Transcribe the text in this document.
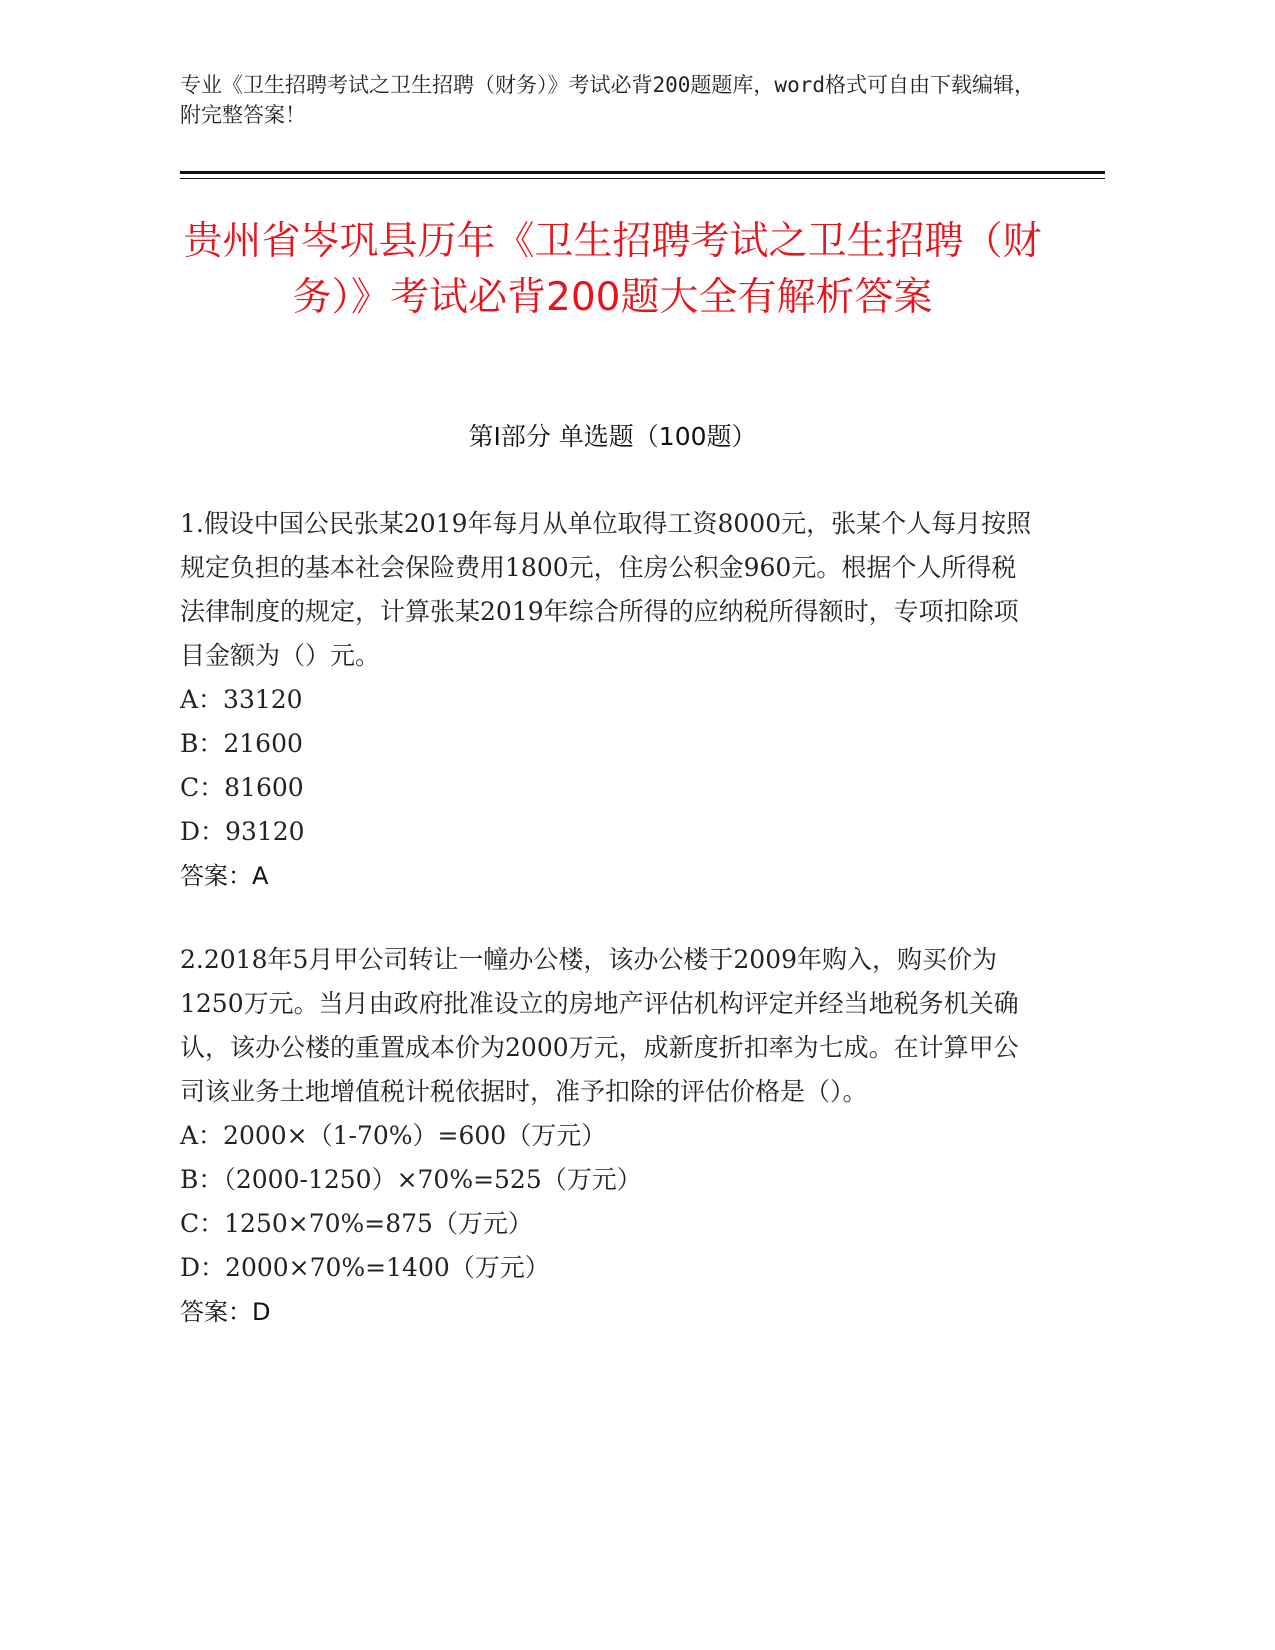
专业《卫生招聘考试之卫生招聘（财务）》考试必背200题题库，word格式可自由下载编辑，附完整答案！
贵州省岑巩县历年《卫生招聘考试之卫生招聘（财务）》考试必背200题大全有解析答案
第Ⅰ部分 单选题（100题）

1.假设中国公民张某2019年每月从单位取得工资8000元，张某个人每月按照规定负担的基本社会保险费用1800元，住房公积金960元。根据个人所得税法律制度的规定，计算张某2019年综合所得的应纳税所得额时，专项扣除项目金额为（）元。

A：33120

B：21600

C：81600

D：93120

答案：A

2.2018年5月甲公司转让一幢办公楼，该办公楼于2009年购入，购买价为1250万元。当月由政府批准设立的房地产评估机构评定并经当地税务机关确认，该办公楼的重置成本价为2000万元，成新度折扣率为七成。在计算甲公司该业务土地增值税计税依据时，准予扣除的评估价格是（）。

A：2000×（1-70%）=600（万元）

B：（2000-1250）×70%=525（万元）

C：1250×70%=875（万元）

D：2000×70%=1400（万元）

答案：D
